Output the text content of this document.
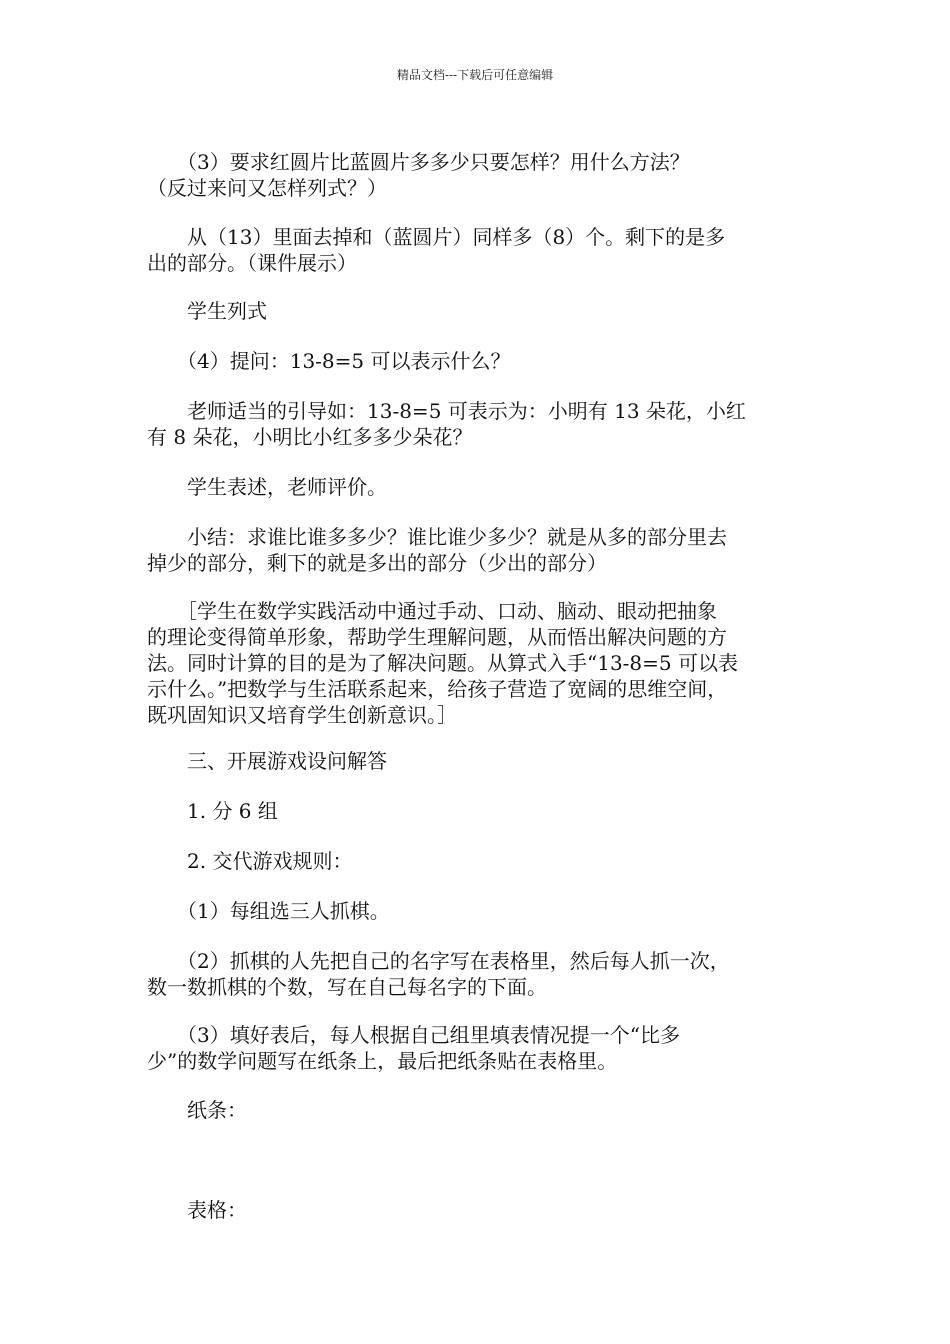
精品文档---下载后可任意编辑

　　（3）要求红圆片比蓝圆片多多少只要怎样？用什么方法？
（反过来问又怎样列式？）

　　从（13）里面去掉和（蓝圆片）同样多（8）个。剩下的是多
出的部分。（课件展示）

　　学生列式

　　（4）提问：13-8=5 可以表示什么？

　　老师适当的引导如：13-8=5 可表示为：小明有 13 朵花，小红
有 8 朵花，小明比小红多多少朵花？

　　学生表述，老师评价。

　　小结：求谁比谁多多少？谁比谁少多少？就是从多的部分里去
掉少的部分，剩下的就是多出的部分（少出的部分）

　　［学生在数学实践活动中通过手动、口动、脑动、眼动把抽象
的理论变得简单形象，帮助学生理解问题，从而悟出解决问题的方
法。同时计算的目的是为了解决问题。从算式入手“13-8=5 可以表
示什么。”把数学与生活联系起来，给孩子营造了宽阔的思维空间，
既巩固知识又培育学生创新意识。］

　　三、开展游戏设问解答

　　1. 分 6 组

　　2. 交代游戏规则：

　　（1）每组选三人抓棋。

　　（2）抓棋的人先把自己的名字写在表格里，然后每人抓一次，
数一数抓棋的个数，写在自己每名字的下面。

　　（3）填好表后，每人根据自己组里填表情况提一个“比多
少”的数学问题写在纸条上，最后把纸条贴在表格里。

　　纸条：

　　表格：
